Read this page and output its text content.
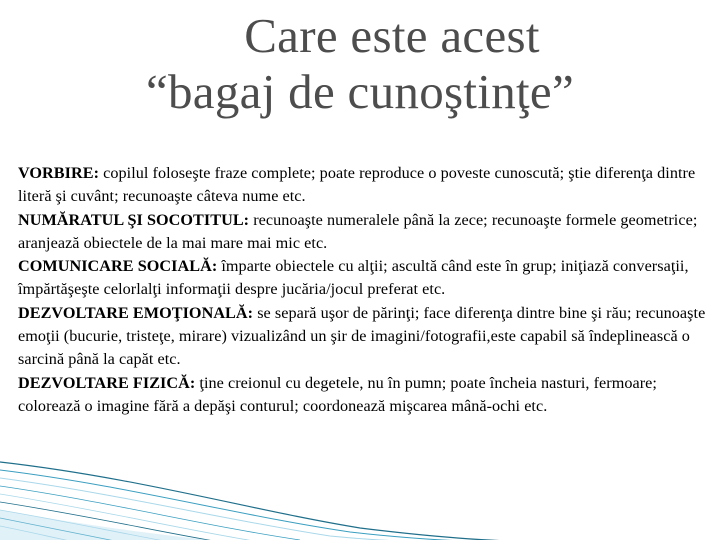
Care este acest
“bagaj de cunoştinţe”

VORBIRE: copilul foloseşte fraze complete; poate reproduce o poveste cunoscută; ştie diferenţa dintre literă şi cuvânt; recunoaşte câteva nume etc.

NUMĂRATUL ŞI SOCOTITUL: recunoaşte numeralele până la zece; recunoaşte formele geometrice; aranjează obiectele de la mai mare mai mic etc.

COMUNICARE SOCIALĂ: împarte obiectele cu alţii; ascultă când este în grup; iniţiază conversaţii, împărtăşeşte celorlalţi informaţii despre jucăria/jocul preferat etc.

DEZVOLTARE EMOŢIONALĂ: se separă uşor de părinţi; face diferenţa dintre bine şi rău; recunoaşte emoţii (bucurie, tristeţe, mirare) vizualizând un şir de imagini/fotografii,este capabil să îndeplinească o sarcină până la capăt etc.

DEZVOLTARE FIZICĂ: ţine creionul cu degetele, nu în pumn; poate încheia nasturi, fermoare; colorează o imagine fără a depăşi conturul; coordonează mişcarea mână-ochi etc.
